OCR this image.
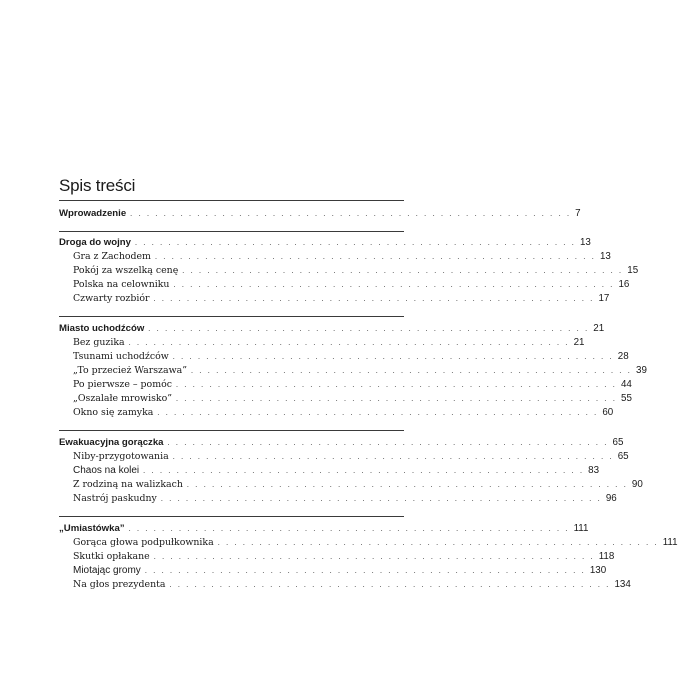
Spis treści
Wprowadzenie . . . . . . . . . . . . . . . . . . . . . . . . . . . . . . . . . . . . . . . . . . . . . . . . . . . . . 7
Droga do wojny . . . . . . . . . . . . . . . . . . . . . . . . . . . . . . . . . . . . . . . . . . . . . . . . . . . . . 13
Gra z Zachodem . . . . . . . . . . . . . . . . . . . . . . . . . . . . . . . . . . . . . . . . . . . . . . . . . . . . . 13
Pokój za wszelką cenę . . . . . . . . . . . . . . . . . . . . . . . . . . . . . . . . . . . . . . . . . . . . . . . . . . . . . 15
Polska na celowniku . . . . . . . . . . . . . . . . . . . . . . . . . . . . . . . . . . . . . . . . . . . . . . . . . . . . . 16
Czwarty rozbiór . . . . . . . . . . . . . . . . . . . . . . . . . . . . . . . . . . . . . . . . . . . . . . . . . . . . . 17
Miasto uchodźców . . . . . . . . . . . . . . . . . . . . . . . . . . . . . . . . . . . . . . . . . . . . . . . . . . . . . 21
Bez guzika . . . . . . . . . . . . . . . . . . . . . . . . . . . . . . . . . . . . . . . . . . . . . . . . . . . . . 21
Tsunami uchodźców . . . . . . . . . . . . . . . . . . . . . . . . . . . . . . . . . . . . . . . . . . . . . . . . . . . . . 28
„To przecież Warszawa” . . . . . . . . . . . . . . . . . . . . . . . . . . . . . . . . . . . . . . . . . . . . . . . . . . . . . 39
Po pierwsze – pomóc . . . . . . . . . . . . . . . . . . . . . . . . . . . . . . . . . . . . . . . . . . . . . . . . . . . . . 44
„Oszalałe mrowisko” . . . . . . . . . . . . . . . . . . . . . . . . . . . . . . . . . . . . . . . . . . . . . . . . . . . . . 55
Okno się zamyka . . . . . . . . . . . . . . . . . . . . . . . . . . . . . . . . . . . . . . . . . . . . . . . . . . . . . 60
Ewakuacyjna gorączka . . . . . . . . . . . . . . . . . . . . . . . . . . . . . . . . . . . . . . . . . . . . . . . . . . . . . 65
Niby-przygotowania . . . . . . . . . . . . . . . . . . . . . . . . . . . . . . . . . . . . . . . . . . . . . . . . . . . . . 65
Chaos na kolei . . . . . . . . . . . . . . . . . . . . . . . . . . . . . . . . . . . . . . . . . . . . . . . . . . . . . 83
Z rodziną na walizkach . . . . . . . . . . . . . . . . . . . . . . . . . . . . . . . . . . . . . . . . . . . . . . . . . . . . . 90
Nastrój paskudny . . . . . . . . . . . . . . . . . . . . . . . . . . . . . . . . . . . . . . . . . . . . . . . . . . . . . 96
„Umiastówka” . . . . . . . . . . . . . . . . . . . . . . . . . . . . . . . . . . . . . . . . . . . . . . . . . . . . . 111
Gorąca głowa podpułkownika . . . . . . . . . . . . . . . . . . . . . . . . . . . . . . . . . . . . . . . . . . . . . . . . . . . . . 111
Skutki opłakane . . . . . . . . . . . . . . . . . . . . . . . . . . . . . . . . . . . . . . . . . . . . . . . . . . . . . 118
Miotając gromy . . . . . . . . . . . . . . . . . . . . . . . . . . . . . . . . . . . . . . . . . . . . . . . . . . . . . 130
Na głos prezydenta . . . . . . . . . . . . . . . . . . . . . . . . . . . . . . . . . . . . . . . . . . . . . . . . . . . . . 134
